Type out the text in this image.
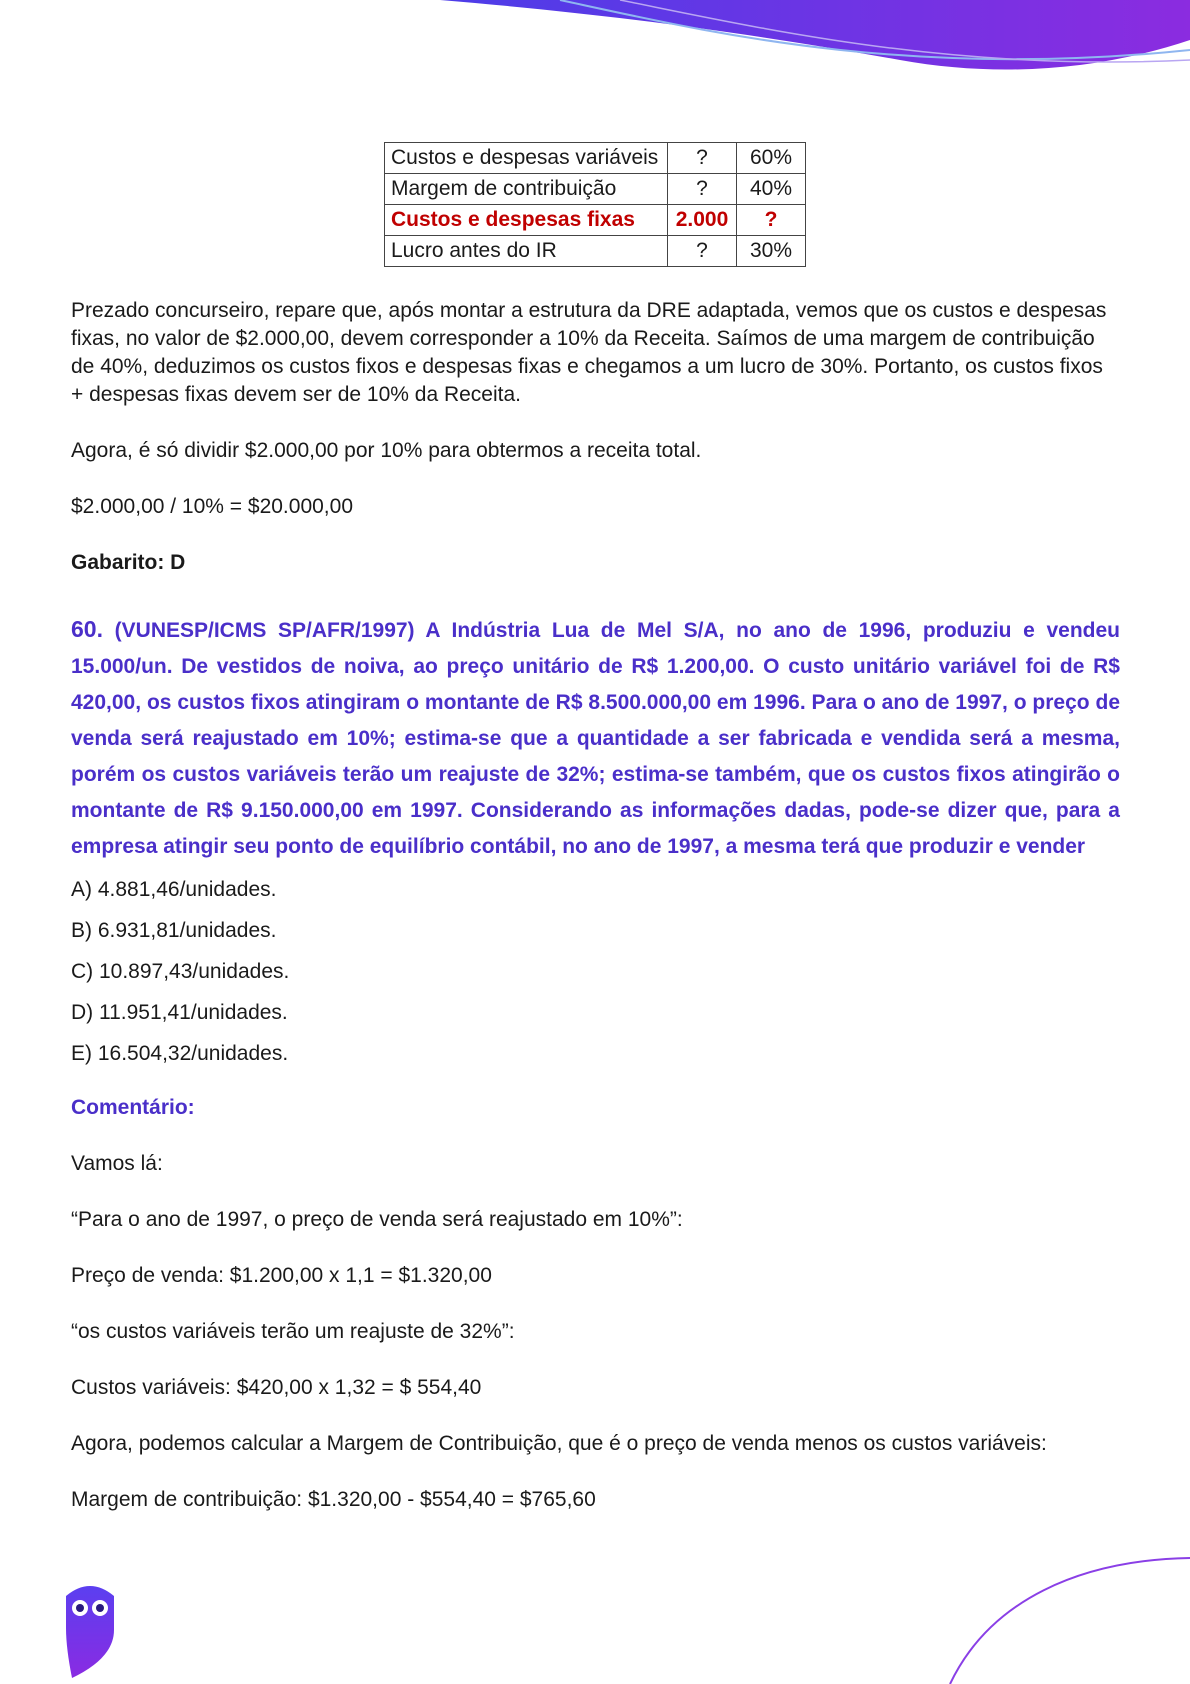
Custos e despesas variáveis	?	60%
Margem de contribuição	?	40%
Custos e despesas fixas	2.000	?
Lucro antes do IR	?	30%

Prezado concurseiro, repare que, após montar a estrutura da DRE adaptada, vemos que os custos e despesas fixas, no valor de $2.000,00, devem corresponder a 10% da Receita. Saímos de uma margem de contribuição de 40%, deduzimos os custos fixos e despesas fixas e chegamos a um lucro de 30%. Portanto, os custos fixos + despesas fixas devem ser de 10% da Receita.

Agora, é só dividir $2.000,00 por 10% para obtermos a receita total.

$2.000,00 / 10% = $20.000,00

Gabarito: D

60. (VUNESP/ICMS SP/AFR/1997) A Indústria Lua de Mel S/A, no ano de 1996, produziu e vendeu 15.000/un. De vestidos de noiva, ao preço unitário de R$ 1.200,00. O custo unitário variável foi de R$ 420,00, os custos fixos atingiram o montante de R$ 8.500.000,00 em 1996. Para o ano de 1997, o preço de venda será reajustado em 10%; estima-se que a quantidade a ser fabricada e vendida será a mesma, porém os custos variáveis terão um reajuste de 32%; estima-se também, que os custos fixos atingirão o montante de R$ 9.150.000,00 em 1997. Considerando as informações dadas, pode-se dizer que, para a empresa atingir seu ponto de equilíbrio contábil, no ano de 1997, a mesma terá que produzir e vender

A) 4.881,46/unidades.
B) 6.931,81/unidades.
C) 10.897,43/unidades.
D) 11.951,41/unidades.
E) 16.504,32/unidades.

Comentário:

Vamos lá:

“Para o ano de 1997, o preço de venda será reajustado em 10%”:

Preço de venda: $1.200,00 x 1,1 = $1.320,00

“os custos variáveis terão um reajuste de 32%”:

Custos variáveis: $420,00 x 1,32 = $ 554,40

Agora, podemos calcular a Margem de Contribuição, que é o preço de venda menos os custos variáveis:

Margem de contribuição: $1.320,00 - $554,40 = $765,60
